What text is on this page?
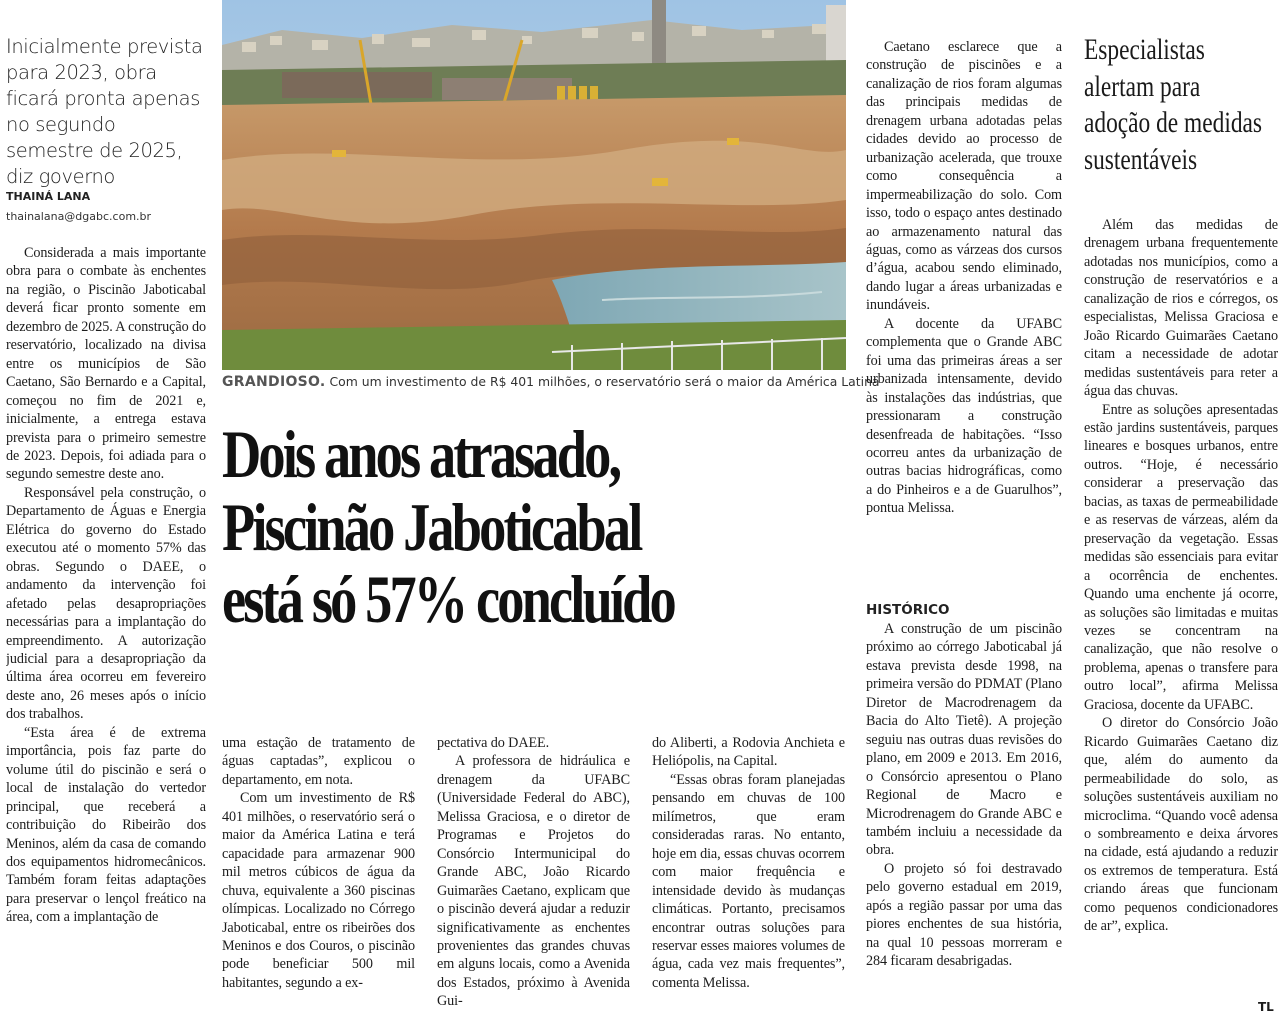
Inicialmente prevista para 2023, obra ficará pronta apenas no segundo semestre de 2025, diz governo
THAINÁ LANA
thainalana@dgabc.com.br
GRANDIOSO. Com um investimento de R$ 401 milhões, o reservatório será o maior da América Latina
Dois anos atrasado,
Piscinão Jaboticabal
está só 57% concluído

Considerada a mais importante obra para o combate às enchentes na região, o Piscinão Jaboticabal deverá ficar pronto somente em dezembro de 2025. A construção do reservatório, localizado na divisa entre os municípios de São Caetano, São Bernardo e a Capital, começou no fim de 2021 e, inicialmente, a entrega estava prevista para o primeiro semestre de 2023. Depois, foi adiada para o segundo semestre deste ano.

Responsável pela construção, o Departamento de Águas e Energia Elétrica do governo do Estado executou até o momento 57% das obras. Segundo o DAEE, o andamento da intervenção foi afetado pelas desapropriações necessárias para a implantação do empreendimento. A autorização judicial para a desapropriação da última área ocorreu em fevereiro deste ano, 26 meses após o início dos trabalhos.

“Esta área é de extrema importância, pois faz parte do volume útil do piscinão e será o local de instalação do vertedor principal, que receberá a contribuição do Ribeirão dos Meninos, além da casa de comando dos equipamentos hidromecânicos. Também foram feitas adaptações para preservar o lençol freático na área, com a implantação de

uma estação de tratamento de águas captadas”, explicou o departamento, em nota.

Com um investimento de R$ 401 milhões, o reservatório será o maior da América Latina e terá capacidade para armazenar 900 mil metros cúbicos de água da chuva, equivalente a 360 piscinas olímpicas. Localizado no Córrego Jaboticabal, entre os ribeirões dos Meninos e dos Couros, o piscinão pode beneficiar 500 mil habitantes, segundo a ex-

pectativa do DAEE.

A professora de hidráulica e drenagem da UFABC (Universidade Federal do ABC), Melissa Graciosa, e o diretor de Programas e Projetos do Consórcio Intermunicipal do Grande ABC, João Ricardo Guimarães Caetano, explicam que o piscinão deverá ajudar a reduzir significativamente as enchentes provenientes das grandes chuvas em alguns locais, como a Avenida dos Estados, próximo à Avenida Gui-

do Aliberti, a Rodovia Anchieta e Heliópolis, na Capital.

“Essas obras foram planejadas pensando em chuvas de 100 milímetros, que eram consideradas raras. No entanto, hoje em dia, essas chuvas ocorrem com maior frequência e intensidade devido às mudanças climáticas. Portanto, precisamos encontrar outras soluções para reservar esses maiores volumes de água, cada vez mais frequentes”, comenta Melissa.

Caetano esclarece que a construção de piscinões e a canalização de rios foram algumas das principais medidas de drenagem urbana adotadas pelas cidades devido ao processo de urbanização acelerada, que trouxe como consequência a impermeabilização do solo. Com isso, todo o espaço antes destinado ao armazenamento natural das águas, como as várzeas dos cursos d’água, acabou sendo eliminado, dando lugar a áreas urbanizadas e inundáveis.

A docente da UFABC complementa que o Grande ABC foi uma das primeiras áreas a ser urbanizada intensamente, devido às instalações das indústrias, que pressionaram a construção desenfreada de habitações. “Isso ocorreu antes da urbanização de outras bacias hidrográficas, como a do Pinheiros e a de Guarulhos”, pontua Melissa.

HISTÓRICO

A construção de um piscinão próximo ao córrego Jaboticabal já estava prevista desde 1998, na primeira versão do PDMAT (Plano Diretor de Macrodrenagem da Bacia do Alto Tietê). A projeção seguiu nas outras duas revisões do plano, em 2009 e 2013. Em 2016, o Consórcio apresentou o Plano Regional de Macro e Microdrenagem do Grande ABC e também incluiu a necessidade da obra.

O projeto só foi destravado pelo governo estadual em 2019, após a região passar por uma das piores enchentes de sua história, na qual 10 pessoas morreram e 284 ficaram desabrigadas.

Especialistas
alertam para
adoção de medidas
sustentáveis

Além das medidas de drenagem urbana frequentemente adotadas nos municípios, como a construção de reservatórios e a canalização de rios e córregos, os especialistas, Melissa Graciosa e João Ricardo Guimarães Caetano citam a necessidade de adotar medidas sustentáveis para reter a água das chuvas.

Entre as soluções apresentadas estão jardins sustentáveis, parques lineares e bosques urbanos, entre outros. “Hoje, é necessário considerar a preservação das bacias, as taxas de permeabilidade e as reservas de várzeas, além da preservação da vegetação. Essas medidas são essenciais para evitar a ocorrência de enchentes. Quando uma enchente já ocorre, as soluções são limitadas e muitas vezes se concentram na canalização, que não resolve o problema, apenas o transfere para outro local”, afirma Melissa Graciosa, docente da UFABC.

O diretor do Consórcio João Ricardo Guimarães Caetano diz que, além do aumento da permeabilidade do solo, as soluções sustentáveis auxiliam no microclima. “Quando você adensa o sombreamento e deixa árvores na cidade, está ajudando a reduzir os extremos de temperatura. Está criando áreas que funcionam como pequenos condicionadores de ar”, explica.

TL
